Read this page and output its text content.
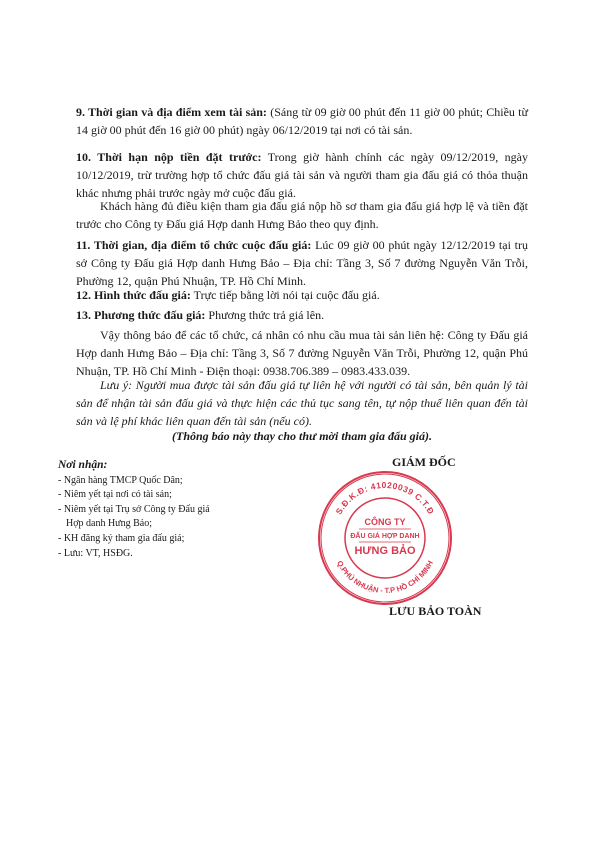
9. Thời gian và địa điểm xem tài sản: (Sáng từ 09 giờ 00 phút đến 11 giờ 00 phút; Chiều từ 14 giờ 00 phút đến 16 giờ 00 phút) ngày 06/12/2019 tại nơi có tài sản.

10. Thời hạn nộp tiền đặt trước: Trong giờ hành chính các ngày 09/12/2019, ngày 10/12/2019, trừ trường hợp tổ chức đấu giá tài sản và người tham gia đấu giá có thỏa thuận khác nhưng phải trước ngày mở cuộc đấu giá.

Khách hàng đủ điều kiện tham gia đấu giá nộp hồ sơ tham gia đấu giá hợp lệ và tiền đặt trước cho Công ty Đấu giá Hợp danh Hưng Bảo theo quy định.

11. Thời gian, địa điểm tổ chức cuộc đấu giá: Lúc 09 giờ 00 phút ngày 12/12/2019 tại trụ sở Công ty Đấu giá Hợp danh Hưng Bảo – Địa chỉ: Tầng 3, Số 7 đường Nguyễn Văn Trỗi, Phường 12, quận Phú Nhuận, TP. Hồ Chí Minh.

12. Hình thức đấu giá: Trực tiếp bằng lời nói tại cuộc đấu giá.

13. Phương thức đấu giá: Phương thức trả giá lên.

Vậy thông báo để các tổ chức, cá nhân có nhu cầu mua tài sản liên hệ: Công ty Đấu giá Hợp danh Hưng Bảo – Địa chỉ: Tầng 3, Số 7 đường Nguyễn Văn Trỗi, Phường 12, quận Phú Nhuận, TP. Hồ Chí Minh - Điện thoại: 0938.706.389 – 0983.433.039.

Lưu ý: Người mua được tài sản đấu giá tự liên hệ với người có tài sản, bên quản lý tài sản để nhận tài sản đấu giá và thực hiện các thủ tục sang tên, tự nộp thuế liên quan đến tài sản và lệ phí khác liên quan đến tài sản (nếu có).

(Thông báo này thay cho thư mời tham gia đấu giá).
Nơi nhận:
- Ngân hàng TMCP Quốc Dân;
- Niêm yết tại nơi có tài sản;
- Niêm yết tại Trụ sở Công ty Đấu giá
Hợp danh Hưng Bảo;
- KH đăng ký tham gia đấu giá;
- Lưu: VT, HSĐG.
GIÁM ĐỐC
S.Đ.K.Đ: 41020039 C.T.Đ
Q.PHÚ NHUẬN - T.P HỒ CHÍ MINH
CÔNG TY
ĐẤU GIÁ HỢP DANH
HƯNG BẢO
LƯU BẢO TOÀN
